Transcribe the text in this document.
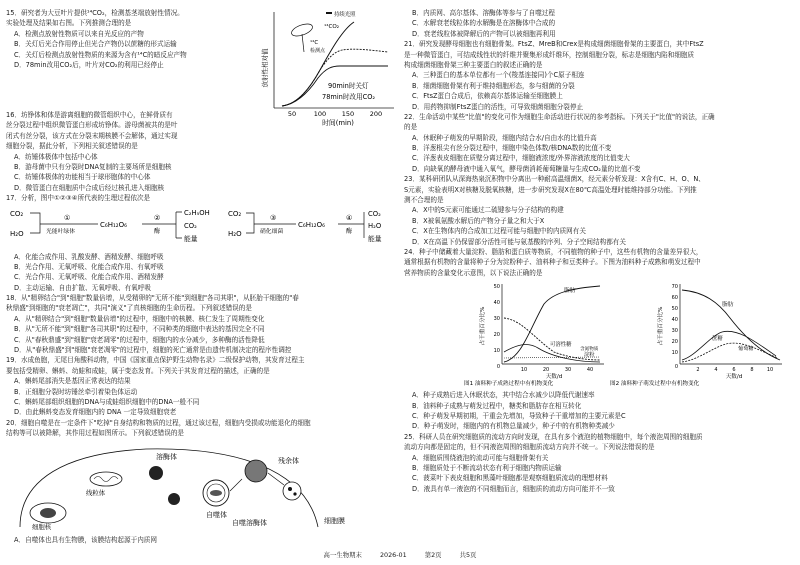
15．研究者为大豆叶片提供¹⁴CO₂，检测基茎端放射性情况。
实验处理及结果如右图。下列推测合理的是
A．检测点放射性物质可以来自光反应的产物
B．关灯后光合作用停止但光合产物仍以蔗糖的形式运输
C．关灯后检测点放射性物质的来源为含有¹⁴C的暗反应产物
D．78min改用CO₂后，叶片对CO₂的利用已经停止	放射性相对值
50	100 150 200
时间(min)
持续光照
¹⁴CO₂
¹⁴C
检测点
90min时关灯
78min时改用CO₂
16．坊铮体和体是游离细胞的微管组织中心，在鲜骨质有
丝分裂过程中组织微管蛋白形成坊铮体。游母菌被共的是叶
闭式有丝分裂，该方式在分裂末期核膜不会解体，通过实现
细胞分裂，据此分析，下列相关叙述错误的是
A．纺锤体极体中包括中心体
B．游母菌中只有分裂时DNA复制的主要场所是细胞核
C．纺锤体极体的功能相当于球形胞体的中心体
D．微管蛋白在细胞质中合成后经过核孔进入细胞核
17．分析，图中①②③④所代表的生理过程依次是
CO₂
H₂O
①
光能叶绿体
C₆H₁₂O₆
②
酶
C₂H₅OH
CO₂
能量
CO₂
H₂O
③
硝化细菌
C₆H₁₂O₆
④
酶
CO₂
H₂O
能量
A．化能合成作用、乳酸发酵、酒精发酵、细胞呼吸
B．光合作用、无氧呼吸、化能合成作用、有氧呼吸
C．光合作用、无氧呼吸、化能合成作用、酒精发酵
D．主动运输、自由扩散、无氧呼吸、有氧呼吸
18．从"精卵结合"到"细胞"数量倍增，从受精卵的"无所不能"到细胞"各司其职"，从胚胎干细胞的"春
秋鼎盛"到细胞的"衰老凋亡"，共同"演义"了真核细胞的生命历程。下列叙述错误的是
A．从"精卵结合"到"细胞"数量倍增"的过程中，细胞中的核膜、核仁发生了周期性变化
B．从"无所不能"到"细胞"各司其职"的过程中，不同种类的细胞中表达的基因完全不同
C．从"春秋鼎盛"到"细胞"衰老凋零"的过程中，细胞内的水分减少，多种酶的活性降低
D．从"春秋鼎盛"到"细胞"衰老凋零"的过程中，细胞的死亡通常是由遗传机制决定的程序性调控
19．水成鱼胞，无尾目角酸科动物，中国《国家重点保护野生动物名录》二级保护动物，其发育过程主
要包括受精卵、蝌蚪、幼蛙和成蛙，属于变态发育。下列关于其发育过程的描述，正确的是
A．蝌蚪尾部消失是基因正常表达的结果
B．正细胞分裂时坊锤丝牵引着染色体运动
C．蝌蚪尾部组织细胞的DNA与成蛙组织细胞中的DNA一般不同
D．由此蝌蚪变态发育细胞内的 DNA 一定导致细胞衰老
20．细胞自噬是在一定条件下"吃掉"自身结构和物质的过程，通过该过程，细胞内受损或功能退化的细胞
结构等可以被降解，其作用过程如图所示。下列叙述错误的是
细胞核
线粒体
溶酶体
自噬体
自噬溶酶体
残余体
细胞膜
A．自噬体也具有生物膜，该膜结构起源于内质网
B．内质网、高尔基体、溶酶体等参与了自噬过程
C．水解衰老线粒体的水解酶是在溶酶体中合成的
D．衰老线粒体被降解后的产物可以被细胞再利用
21．研究发现酵母细胞也有细胞骨架。FtsZ、MreB和Crex是构成细菌细胞骨架的主要蛋白，其中FtsZ
是一种微管蛋白，可结成线性状的纤维并聚集形成纤维环，控制细胞分裂，标志是细胞内陷和细胞质
构成细菌细胞骨架三种主要蛋白的叙述正确的是
A．三种蛋白的基本单位都有一个(羧基连接同)个C原子相连
B．细菌细胞骨架有利于维持细胞形态，参与细菌的分裂
C．FtsZ蛋白合成后，依赖高尔基体运输至细胞膜上
D．用药物抑制FtsZ蛋白的活性，可导致细菌细胞分裂停止
22．生命活动中某些"比值"的变化可作为细胞生命活动进行状况的参考指标。下列关于"比值"的说法，正确
的是
A．休眠种子萌发的早期阶段，细胞内结合水/自由水的比值升高
B．洋葱根尖有丝分裂过程中，细胞中染色体数/核DNA数的比值不变
C．洋葱表皮细胞在质壁分离过程中，细胞液浓度/外界溶液浓度的比值变大
D．向缺氧的酵母液中通入氧气，酵母菌消耗葡萄糖量与生成CO₂量的比值不变
23．某科研团队从深海热泉沉积物中分离出一种耐高温细菌X，经元素分析发现：X含有C、H、O、N、
S元素，实验表明X对核糖及脱氧核糖，进一步研究发现X在80℃高温处理时能维持部分功能。下列推
测不合理的是
A．X中的S元素可能通过二硫键参与分子结构的构建
B．X被氧氨酸水解后的产物分子量之和大于X
C．X在生物体内的合成加工过程可能与细胞中的内质网有关
D．X在高温下仍保留部分活性可能与氨基酸的序列、分子空间结构都有关
24．种子中储藏着大量淀粉、脂肪和蛋白质等物质，不同植物的种子中，这些有机物的含量差异很大，
通常根据有机物的含量将种子分为淀粉种子、油料种子和豆类种子。下图为油料种子成熟和萌发过程中
营养物质的含量变化示意图，以下说法正确的是
占干重百分比%
50
40
30
20
10
0	10	20	30	40
天数/d
脂肪
可溶性糖
淀粉
含氮物质
图1 油料种子成熟过程中有机物变化
占干重百分比%
70
60
50
40
30
20
10
0	2	4	6	8	10
天数/d
脂肪
蔗糖
葡萄糖
图2 油料种子萌发过程中有机物变化
A．种子成熟后进入休眠状态，其中结合水减少以降低代谢速率
B．油料种子成熟与萌发过程中，糖类和脂肪存在相互转化
C．种子萌发早期初期，干重会先增加，导致种子干重增加的主要元素是C
D．种子萌发时，细胞内的有机物总量减少，种子中的有机物种类减少
25．科研人员在研究细胞质的流动方向时发现，在具有多个液泡的植物细胞中，每个液泡周围的细胞质
流动方向都是固定的，但不同液泡周围的细胞质流动方向并不统一。下列说法错误的是
A．细胞质围绕液泡的流动可能与细胞骨架有关
B．细胞质处于不断流动状态有利于细胞内物质运输
C．菠菜叶下表皮细胞和黑藻叶细胞都是观察细胞质流动的理想材料
D．液具有单一液泡的不同细胞而言，细胞质的流动方向可能并不一致
高一生物期末	2026-01	第2页	共5页
